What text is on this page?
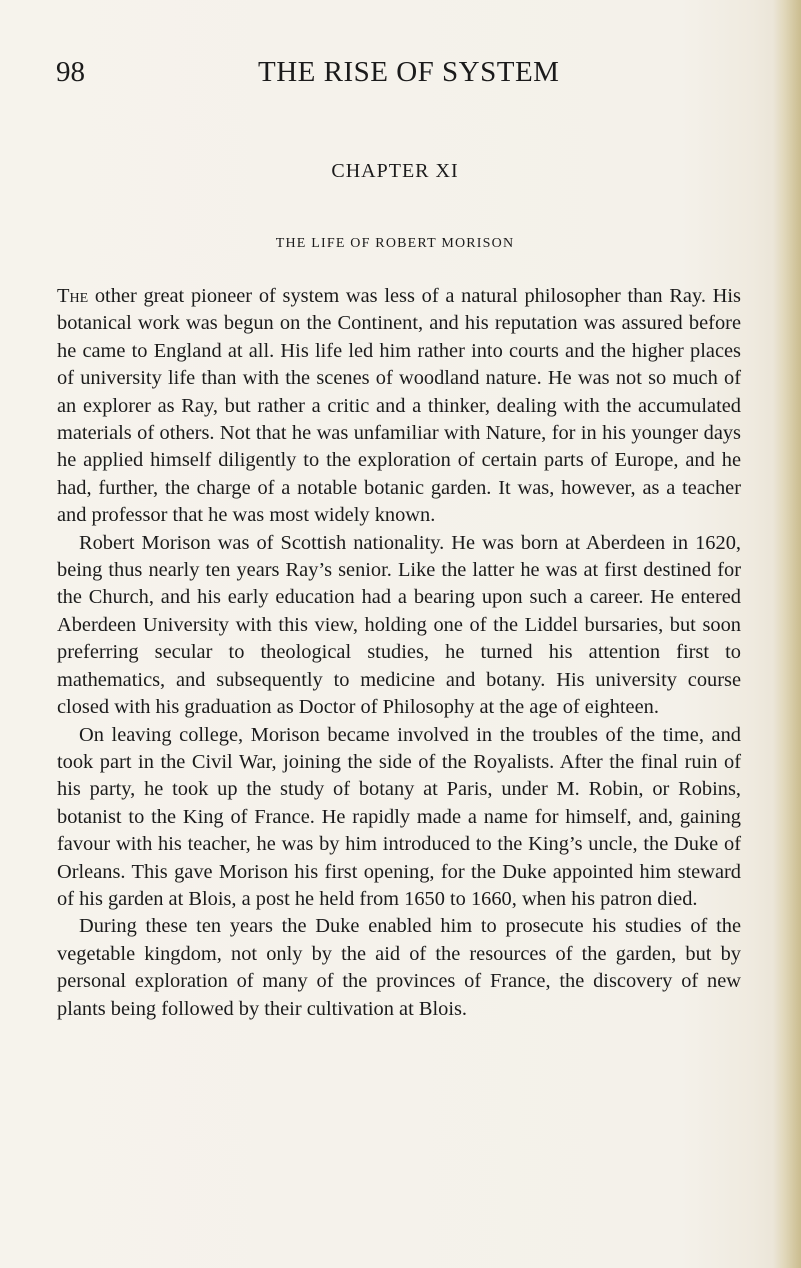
98	THE RISE OF SYSTEM
CHAPTER XI
THE LIFE OF ROBERT MORISON

The other great pioneer of system was less of a natural philosopher than Ray. His botanical work was begun on the Continent, and his reputation was assured before he came to England at all. His life led him rather into courts and the higher places of university life than with the scenes of woodland nature. He was not so much of an explorer as Ray, but rather a critic and a thinker, dealing with the accumulated materials of others. Not that he was unfamiliar with Nature, for in his younger days he applied himself diligently to the exploration of certain parts of Europe, and he had, further, the charge of a notable botanic garden. It was, however, as a teacher and professor that he was most widely known.

Robert Morison was of Scottish nationality. He was born at Aberdeen in 1620, being thus nearly ten years Ray’s senior. Like the latter he was at first destined for the Church, and his early education had a bearing upon such a career. He entered Aberdeen University with this view, holding one of the Liddel bursaries, but soon preferring secular to theological studies, he turned his attention first to mathematics, and subsequently to medicine and botany. His university course closed with his graduation as Doctor of Philosophy at the age of eighteen.

On leaving college, Morison became involved in the troubles of the time, and took part in the Civil War, joining the side of the Royalists. After the final ruin of his party, he took up the study of botany at Paris, under M. Robin, or Robins, botanist to the King of France. He rapidly made a name for himself, and, gaining favour with his teacher, he was by him introduced to the King’s uncle, the Duke of Orleans. This gave Morison his first opening, for the Duke appointed him steward of his garden at Blois, a post he held from 1650 to 1660, when his patron died.

During these ten years the Duke enabled him to prosecute his studies of the vegetable kingdom, not only by the aid of the resources of the garden, but by personal exploration of many of the provinces of France, the discovery of new plants being followed by their cultivation at Blois.
